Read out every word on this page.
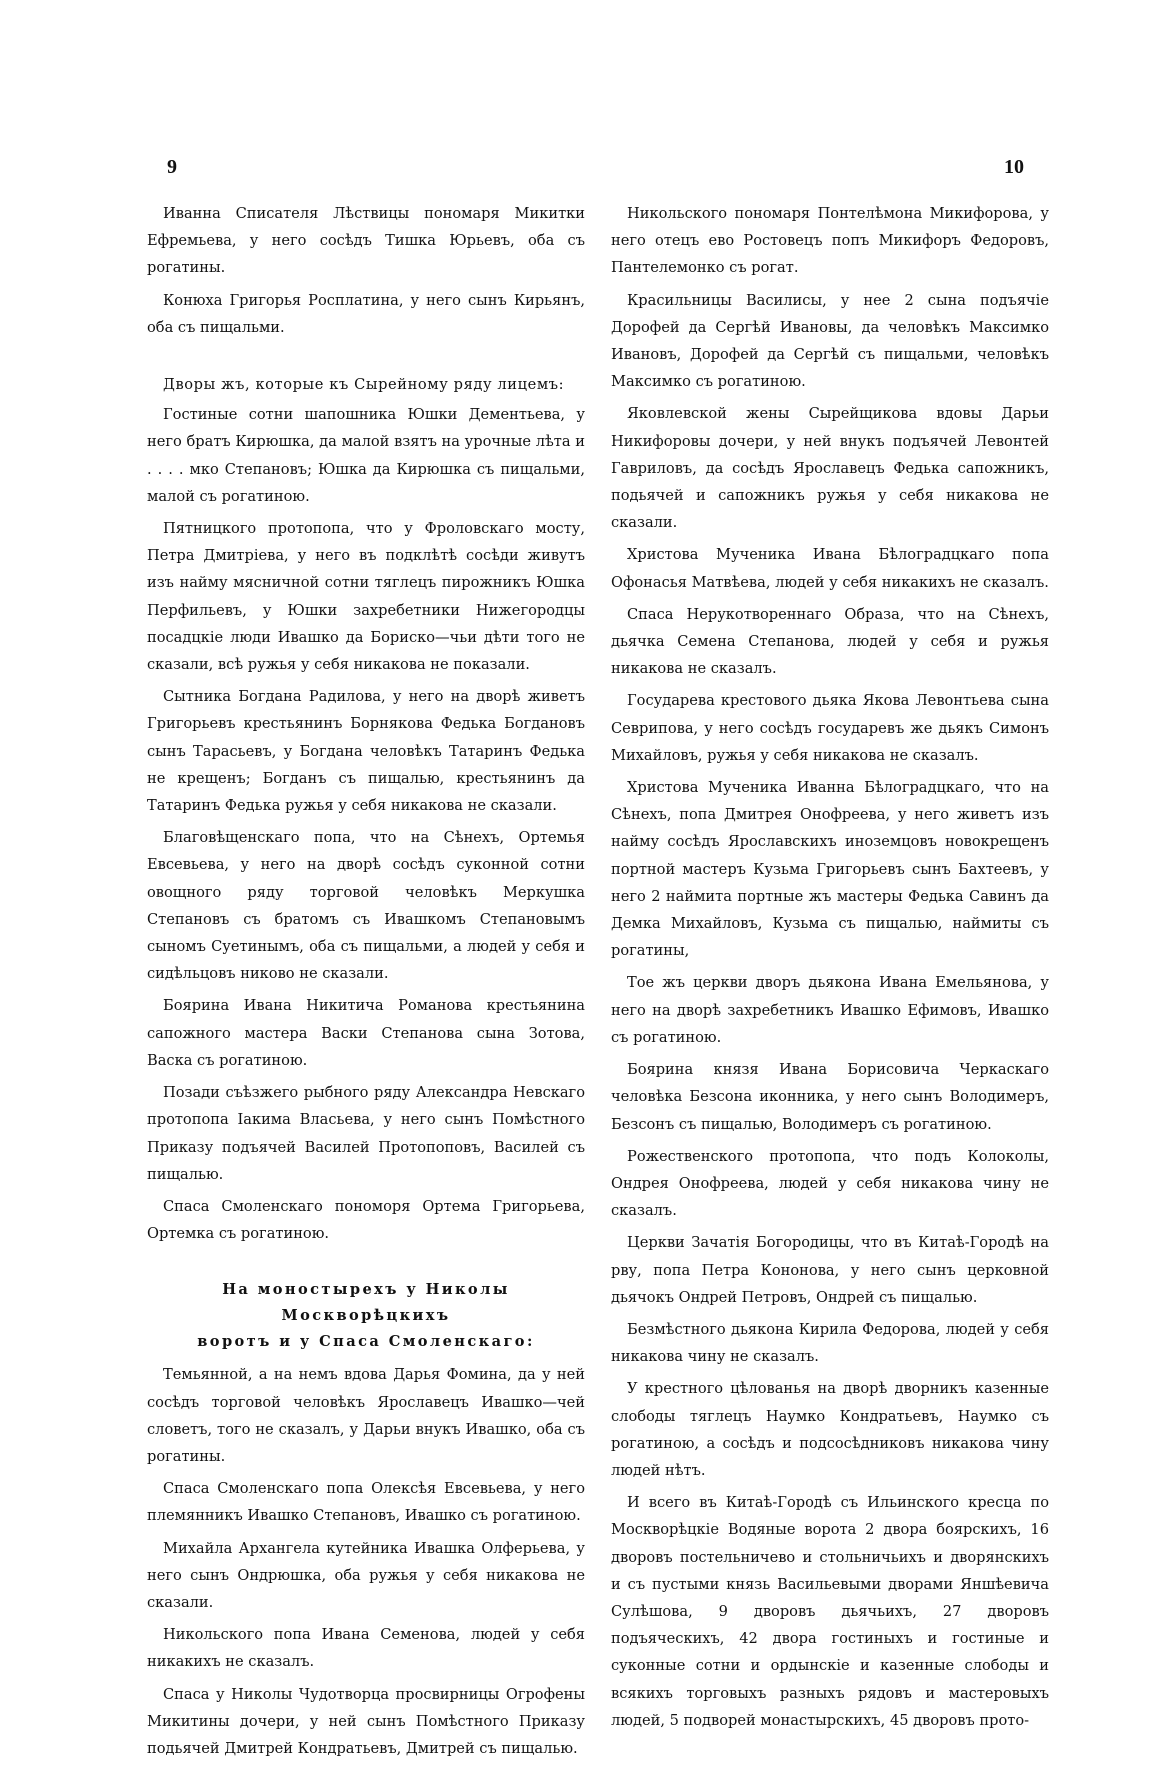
9	10

Иванна Списателя Лѣствицы пономаря Микитки Ефремьева, у него сосѣдъ Тишка Юрьевъ, оба съ рогатины.

Конюха Григорья Росплатина, у него сынъ Кирьянъ, оба съ пищальми.

Дворы жъ, которые къ Сырейному ряду лицемъ:

Гостиные сотни шапошника Юшки Дементьева, у него братъ Кирюшка, да малой взятъ на урочные лѣта и . . . . мко Степановъ; Юшка да Кирюшка съ пищальми, малой съ рогатиною.

Пятницкого протопопа, что у Фроловскаго мосту, Петра Дмитріева, у него въ подклѣтѣ сосѣди живутъ изъ найму мясничной сотни тяглецъ пирожникъ Юшка Перфильевъ, у Юшки захребетники Нижегородцы посадцкіе люди Ивашко да Бориско—чьи дѣти того не сказали, всѣ ружья у себя никакова не показали.

Сытника Богдана Радилова, у него на дворѣ живетъ Григорьевъ крестьянинъ Борнякова Федька Богдановъ сынъ Тарасьевъ, у Богдана человѣкъ Татаринъ Федька не крещенъ; Богданъ съ пищалью, крестьянинъ да Татаринъ Федька ружья у себя никакова не сказали.

Благовѣщенскаго попа, что на Сѣнехъ, Ортемья Евсевьева, у него на дворѣ сосѣдъ суконной сотни овощного ряду торговой человѣкъ Меркушка Степановъ съ братомъ съ Ивашкомъ Степановымъ сыномъ Суетинымъ, оба съ пищальми, а людей у себя и сидѣльцовъ никово не сказали.

Боярина Ивана Никитича Романова крестьянина сапожного мастера Васки Степанова сына Зотова, Васка съ рогатиною.

Позади съѣзжего рыбного ряду Александра Невскаго протопопа Іакима Власьева, у него сынъ Помѣстного Приказу подъячей Василей Протопоповъ, Василей съ пищалью.

Спаса Смоленскаго пономоря Ортема Григорьева, Ортемка съ рогатиною.

На моностырехъ у Николы Москворѣцкихъ
воротъ и у Спаса Смоленскаго:

Темьянной, а на немъ вдова Дарья Фомина, да у ней сосѣдъ торговой человѣкъ Ярославецъ Ивашко—чей словетъ, того не сказалъ, у Дарьи внукъ Ивашко, оба съ рогатины.

Спаса Смоленскаго попа Олексѣя Евсевьева, у него племянникъ Ивашко Степановъ, Ивашко съ рогатиною.

Михайла Архангела кутейника Ивашка Олферьева, у него сынъ Ондрюшка, оба ружья у себя никакова не сказали.

Никольского попа Ивана Семенова, людей у себя никакихъ не сказалъ.

Спаса у Николы Чудотворца просвирницы Огрофены Микитины дочери, у ней сынъ Помѣстного Приказу подьячей Дмитрей Кондратьевъ, Дмитрей съ пищалью.

Никольского пономаря Понтелѣмона Микифорова, у него отецъ ево Ростовецъ попъ Микифоръ Федоровъ, Пантелемонко съ рогат.

Красильницы Василисы, у нее 2 сына подъячіе Дорофей да Сергѣй Ивановы, да человѣкъ Максимко Ивановъ, Дорофей да Сергѣй съ пищальми, человѣкъ Максимко съ рогатиною.

Яковлевской жены Сырейщикова вдовы Дарьи Никифоровы дочери, у ней внукъ подъячей Левонтей Гавриловъ, да сосѣдъ Ярославецъ Федька сапожникъ, подьячей и сапожникъ ружья у себя никакова не сказали.

Христова Мученика Ивана Бѣлоградцкаго попа Офонасья Матвѣева, людей у себя никакихъ не сказалъ.

Спаса Нерукотвореннаго Образа, что на Сѣнехъ, дьячка Семена Степанова, людей у себя и ружья никакова не сказалъ.

Государева крестового дьяка Якова Левонтьева сына Севрипова, у него сосѣдъ государевъ же дьякъ Симонъ Михайловъ, ружья у себя никакова не сказалъ.

Христова Мученика Иванна Бѣлоградцкаго, что на Сѣнехъ, попа Дмитрея Онофреева, у него живетъ изъ найму сосѣдъ Ярославскихъ иноземцовъ новокрещенъ портной мастеръ Кузьма Григорьевъ сынъ Бахтеевъ, у него 2 наймита портные жъ мастеры Федька Савинъ да Демка Михайловъ, Кузьма съ пищалью, наймиты съ рогатины,

Тое жъ церкви дворъ дьякона Ивана Емельянова, у него на дворѣ захребетникъ Ивашко Ефимовъ, Ивашко съ рогатиною.

Боярина князя Ивана Борисовича Черкаскаго человѣка Безсона иконника, у него сынъ Володимеръ, Безсонъ съ пищалью, Володимеръ съ рогатиною.

Рожественского протопопа, что подъ Колоколы, Ондрея Онофреева, людей у себя никакова чину не сказалъ.

Церкви Зачатія Богородицы, что въ Китаѣ-Городѣ на рву, попа Петра Кононова, у него сынъ церковной дьячокъ Ондрей Петровъ, Ондрей съ пищалью.

Безмѣстного дьякона Кирила Федорова, людей у себя никакова чину не сказалъ.

У крестного цѣлованья на дворѣ дворникъ казенные слободы тяглецъ Наумко Кондратьевъ, Наумко съ рогатиною, а сосѣдъ и подсосѣдниковъ никакова чину людей нѣтъ.

И всего въ Китаѣ-Городѣ съ Ильинского кресца по Москворѣцкіе Водяные ворота 2 двора боярскихъ, 16 дворовъ постельничево и стольничьихъ и дворянскихъ и съ пустыми князь Васильевыми дворами Яншѣевича Сулѣшова, 9 дворовъ дьячьихъ, 27 дворовъ подъяческихъ, 42 двора гостиныхъ и гостиные и суконные сотни и ордынскіе и казенные слободы и всякихъ торговыхъ разныхъ рядовъ и мастеровыхъ людей, 5 подворей монастырскихъ, 45 дворовъ прото-
